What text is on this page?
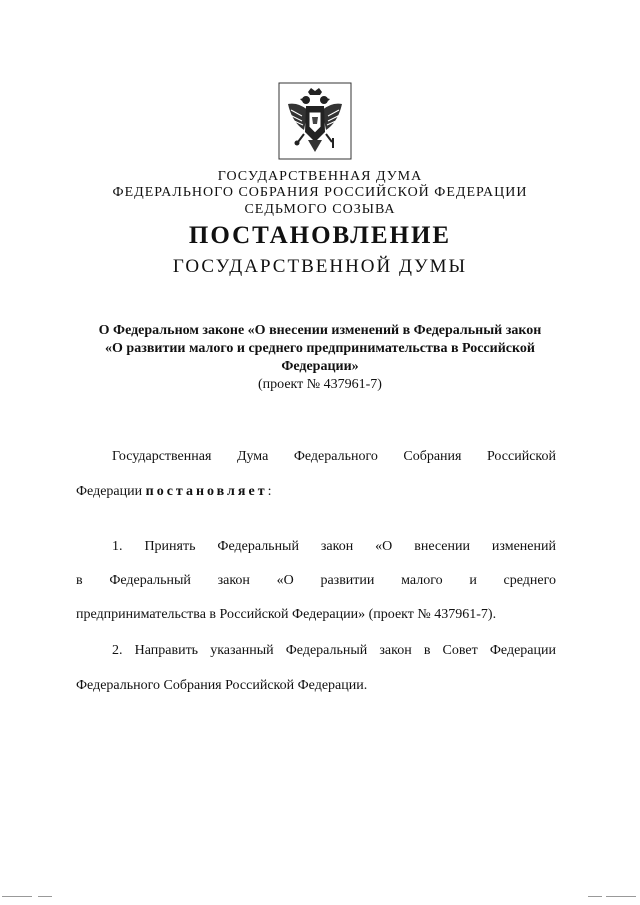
ГОСУДАРСТВЕННАЯ ДУМА
ФЕДЕРАЛЬНОГО СОБРАНИЯ РОССИЙСКОЙ ФЕДЕРАЦИИ
СЕДЬМОГО СОЗЫВА
ПОСТАНОВЛЕНИЕ
ГОСУДАРСТВЕННОЙ ДУМЫ
О Федеральном законе «О внесении изменений в Федеральный закон
«О развитии малого и среднего предпринимательства в Российской
Федерации»
(проект № 437961-7)
Государственная Дума Федерального Собрания Российской
Федерации постановляет:
1. Принять Федеральный закон «О внесении изменений
в Федеральный закон «О развитии малого и среднего
предпринимательства в Российской Федерации» (проект № 437961-7).
2. Направить указанный Федеральный закон в Совет Федерации
Федерального Собрания Российской Федерации.
